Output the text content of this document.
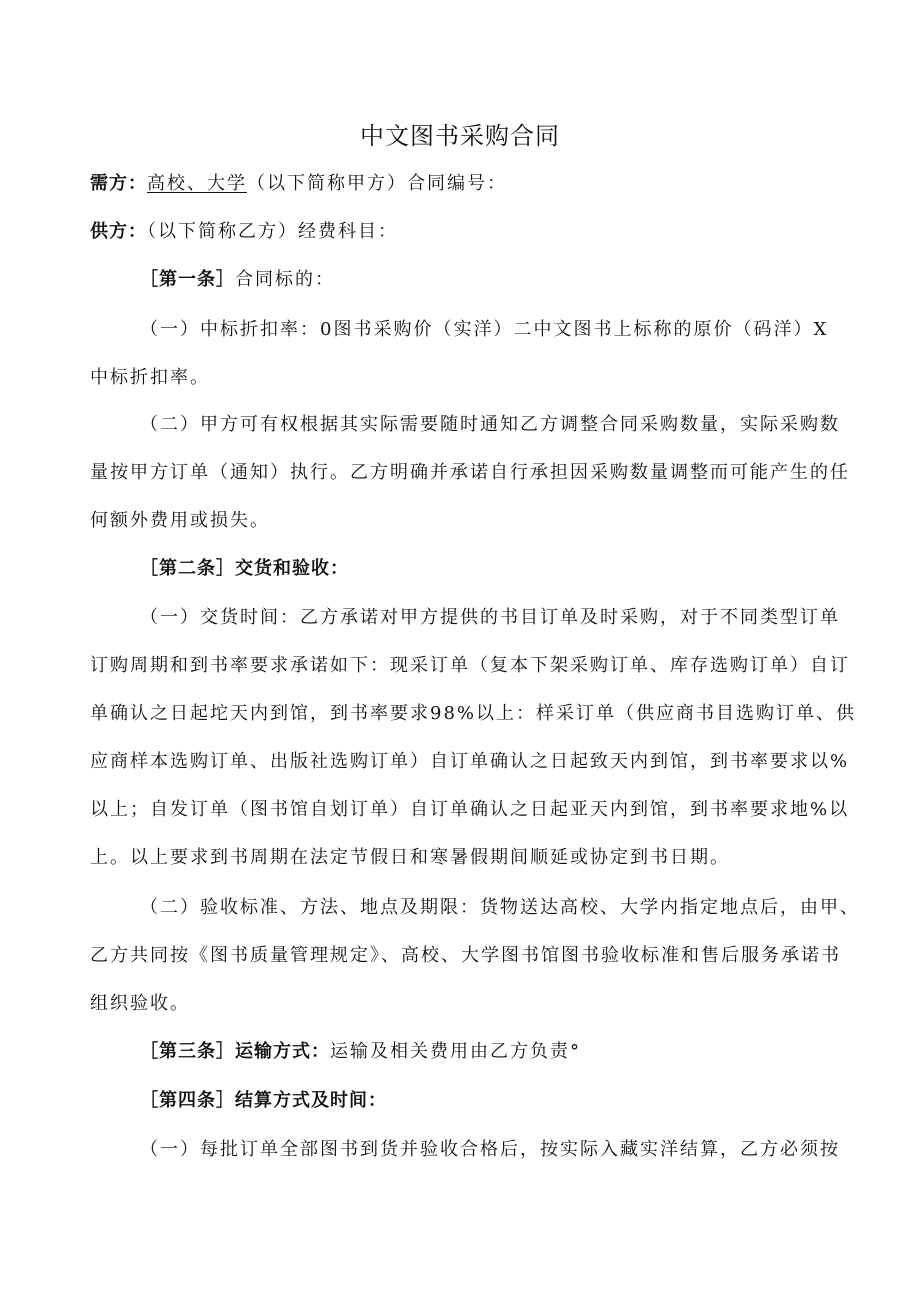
中文图书采购合同
需方：高校、大学（以下简称甲方）合同编号：
供方：（以下简称乙方）经费科目：
［第一条］合同标的：
（一）中标折扣率：0图书采购价（实洋）二中文图书上标称的原价（码洋）X
中标折扣率。
（二）甲方可有权根据其实际需要随时通知乙方调整合同采购数量，实际采购数
量按甲方订单（通知）执行。乙方明确并承诺自行承担因采购数量调整而可能产生的任
何额外费用或损失。
［第二条］交货和验收：
（一）交货时间：乙方承诺对甲方提供的书目订单及时采购，对于不同类型订单
订购周期和到书率要求承诺如下：现采订单（复本下架采购订单、库存选购订单）自订
单确认之日起坨天内到馆，到书率要求98%以上：样采订单（供应商书目选购订单、供
应商样本选购订单、出版社选购订单）自订单确认之日起致天内到馆，到书率要求以%
以上；自发订单（图书馆自划订单）自订单确认之日起亚天内到馆，到书率要求地%以
上。以上要求到书周期在法定节假日和寒暑假期间顺延或协定到书日期。
（二）验收标准、方法、地点及期限：货物送达高校、大学内指定地点后，由甲、
乙方共同按《图书质量管理规定》、高校、大学图书馆图书验收标准和售后服务承诺书
组织验收。
［第三条］运输方式：运输及相关费用由乙方负责°
［第四条］结算方式及时间：
（一）每批订单全部图书到货并验收合格后，按实际入藏实洋结算，乙方必须按
